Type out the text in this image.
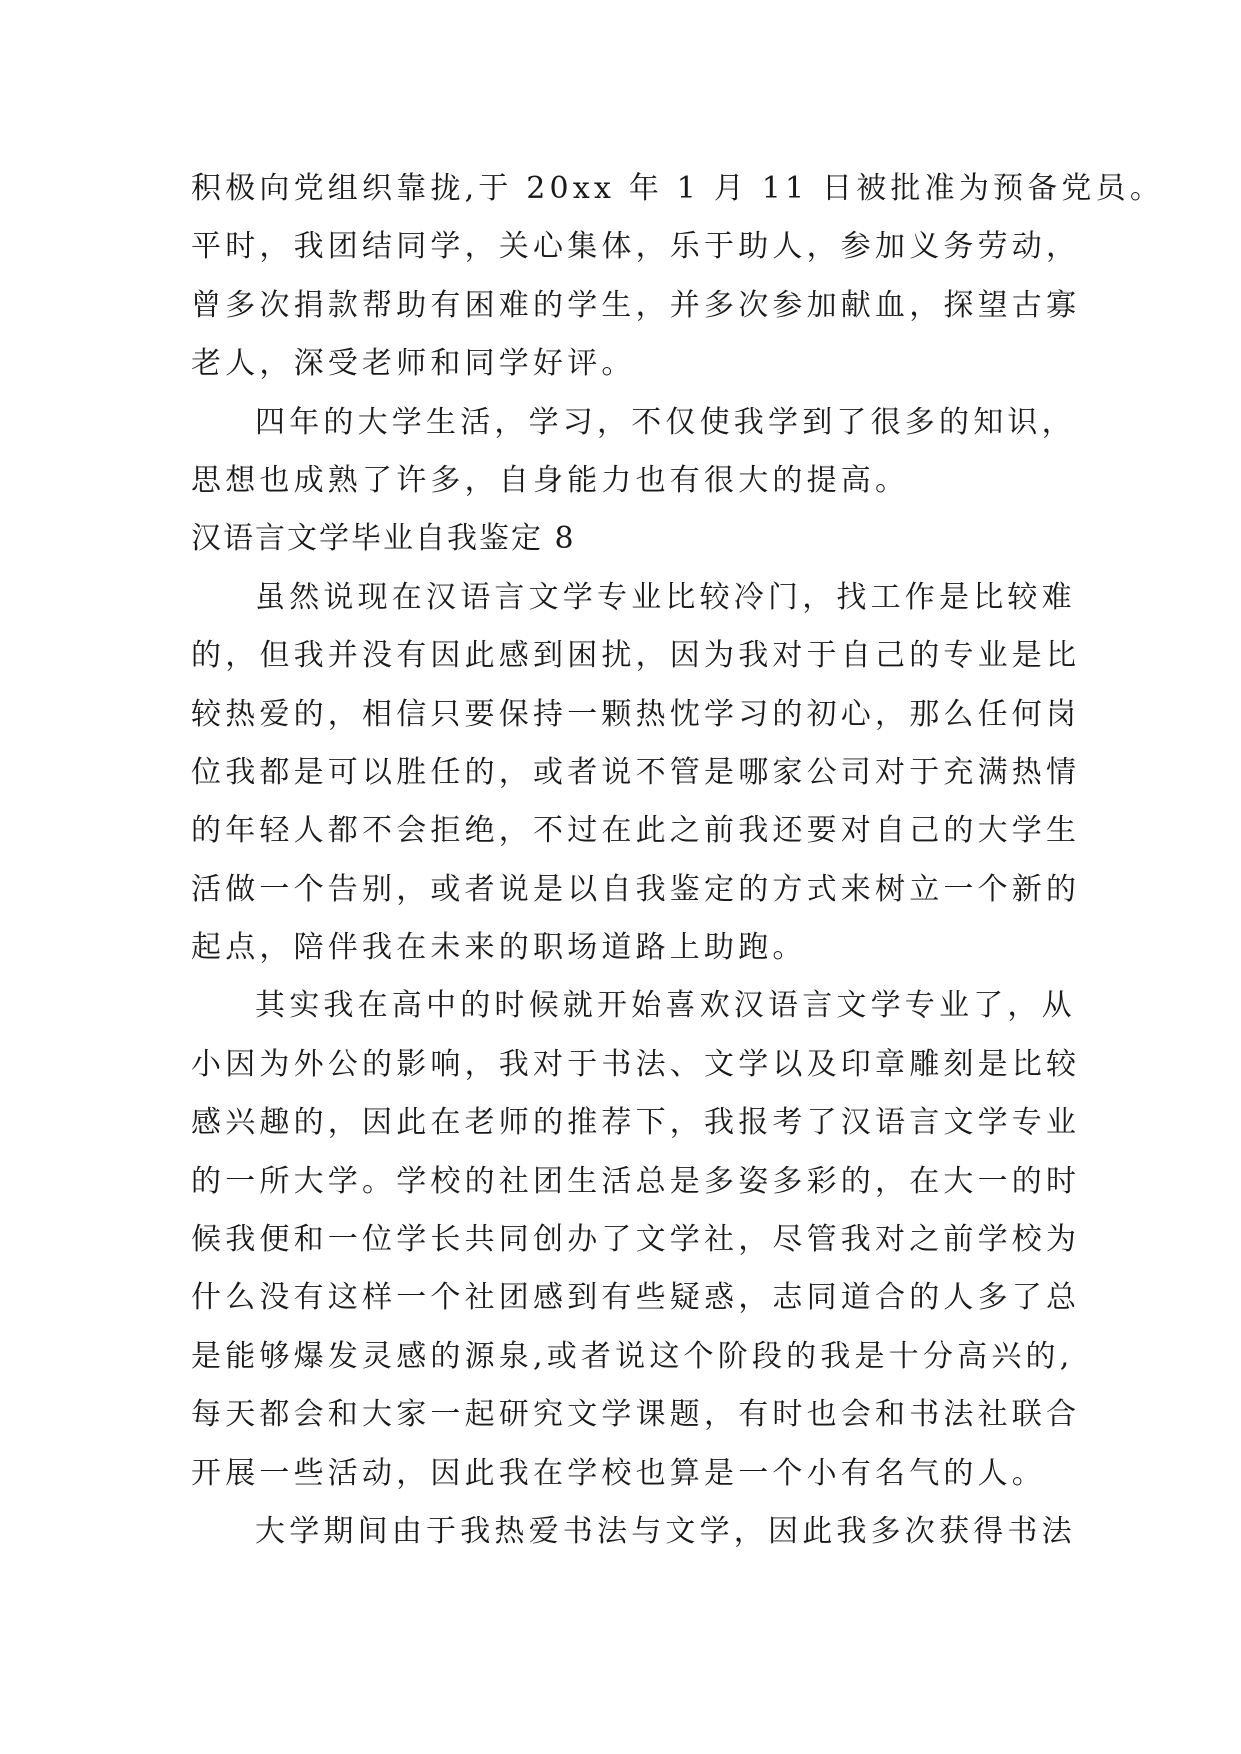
积极向党组织靠拢,于 20xx 年 1 月 11 日被批准为预备党员。
平时，我团结同学，关心集体，乐于助人，参加义务劳动，
曾多次捐款帮助有困难的学生，并多次参加献血，探望古寡
老人，深受老师和同学好评。
四年的大学生活，学习，不仅使我学到了很多的知识，
思想也成熟了许多，自身能力也有很大的提高。
汉语言文学毕业自我鉴定 8
虽然说现在汉语言文学专业比较冷门，找工作是比较难
的，但我并没有因此感到困扰，因为我对于自己的专业是比
较热爱的，相信只要保持一颗热忱学习的初心，那么任何岗
位我都是可以胜任的，或者说不管是哪家公司对于充满热情
的年轻人都不会拒绝，不过在此之前我还要对自己的大学生
活做一个告别，或者说是以自我鉴定的方式来树立一个新的
起点，陪伴我在未来的职场道路上助跑。
其实我在高中的时候就开始喜欢汉语言文学专业了，从
小因为外公的影响，我对于书法、文学以及印章雕刻是比较
感兴趣的，因此在老师的推荐下，我报考了汉语言文学专业
的一所大学。学校的社团生活总是多姿多彩的，在大一的时
候我便和一位学长共同创办了文学社，尽管我对之前学校为
什么没有这样一个社团感到有些疑惑，志同道合的人多了总
是能够爆发灵感的源泉,或者说这个阶段的我是十分高兴的,
每天都会和大家一起研究文学课题，有时也会和书法社联合
开展一些活动，因此我在学校也算是一个小有名气的人。
大学期间由于我热爱书法与文学，因此我多次获得书法
